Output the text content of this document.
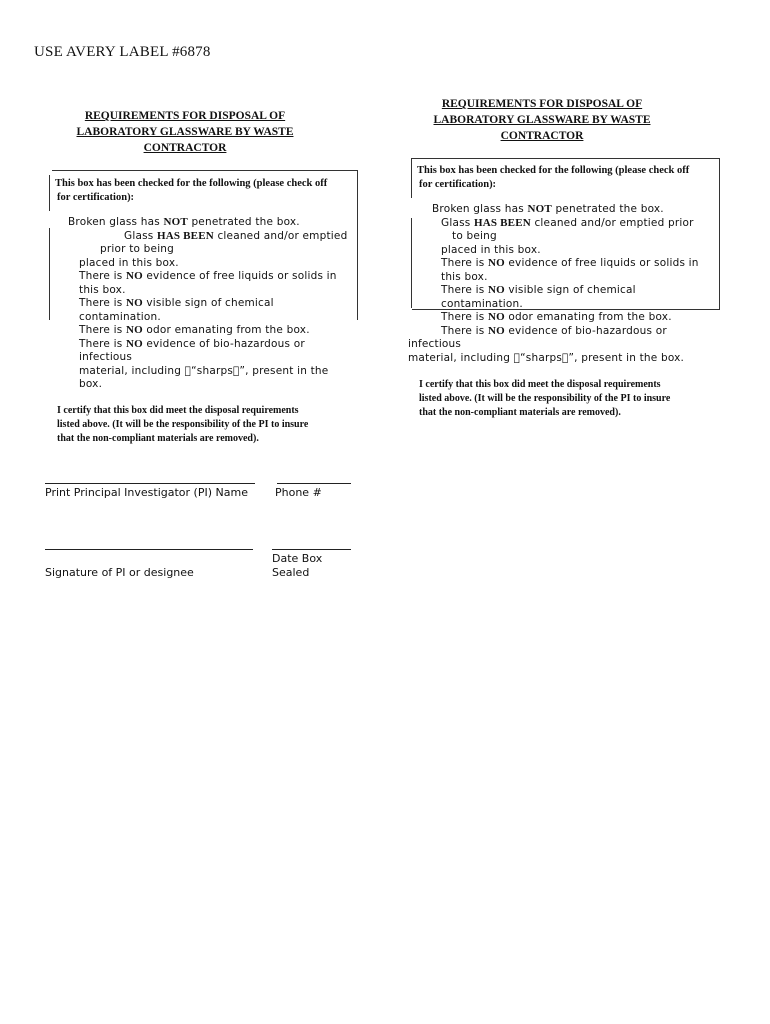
USE AVERY LABEL #6878
REQUIREMENTS FOR DISPOSAL OF
LABORATORY GLASSWARE BY WASTE
CONTRACTOR
This box has been checked for the following (please check off
for certification):
Broken glass has NOT penetrated the box.
Glass HAS BEEN cleaned and/or emptied
prior to being
placed in this box.
There is NO evidence of free liquids or solids in
this box.
There is NO visible sign of chemical
contamination.
There is NO odor emanating from the box.
There is NO evidence of bio-hazardous or
infectious
material, including  “sharps ”, present in the
box.
I certify that this box did meet the disposal requirements
listed above. (It will be the responsibility of the PI to insure
that the non-compliant materials are removed).
Print Principal Investigator (PI) Name Phone #
Date Box
Sealed
Signature of PI or designee
REQUIREMENTS FOR DISPOSAL OF
LABORATORY GLASSWARE BY WASTE
CONTRACTOR
This box has been checked for the following (please check off
for certification):
Broken glass has NOT penetrated the box.
Glass HAS BEEN cleaned and/or emptied prior
to being
placed in this box.
There is NO evidence of free liquids or solids in
this box.
There is NO visible sign of chemical
contamination.
There is NO odor emanating from the box.
There is NO evidence of bio-hazardous or
infectious
material, including  “sharps ”, present in the box.
I certify that this box did meet the disposal requirements
listed above. (It will be the responsibility of the PI to insure
that the non-compliant materials are removed).
